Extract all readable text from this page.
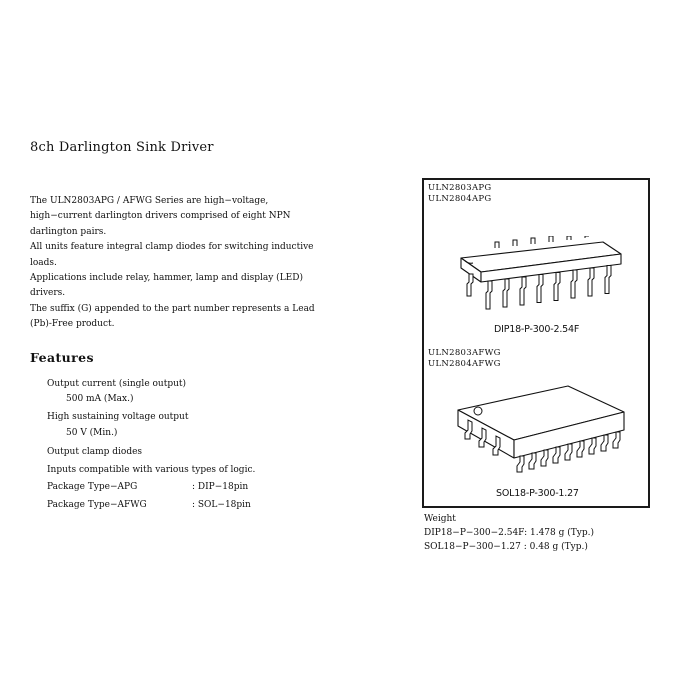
8ch Darlington Sink Driver

The ULN2803APG / AFWG Series are high−voltage,

high−current darlington drivers comprised of eight NPN

darlington pairs.

All units feature integral clamp diodes for switching inductive

loads.

Applications include relay, hammer, lamp and display (LED)

drivers.

The suffix (G) appended to the part number represents a Lead

(Pb)-Free product.

Features
Output current (single output)
500 mA (Max.)
High sustaining voltage output
50 V (Min.)
Output clamp diodes
Inputs compatible with various types of logic.
Package Type−APG	: DIP−18pin
Package Type−AFWG	: SOL−18pin
ULN2803APG
ULN2804APG
DIP18-P-300-2.54F
ULN2803AFWG
ULN2804AFWG
SOL18-P-300-1.27
Weight
DIP18−P−300−2.54F: 1.478 g (Typ.)
SOL18−P−300−1.27 : 0.48 g (Typ.)
